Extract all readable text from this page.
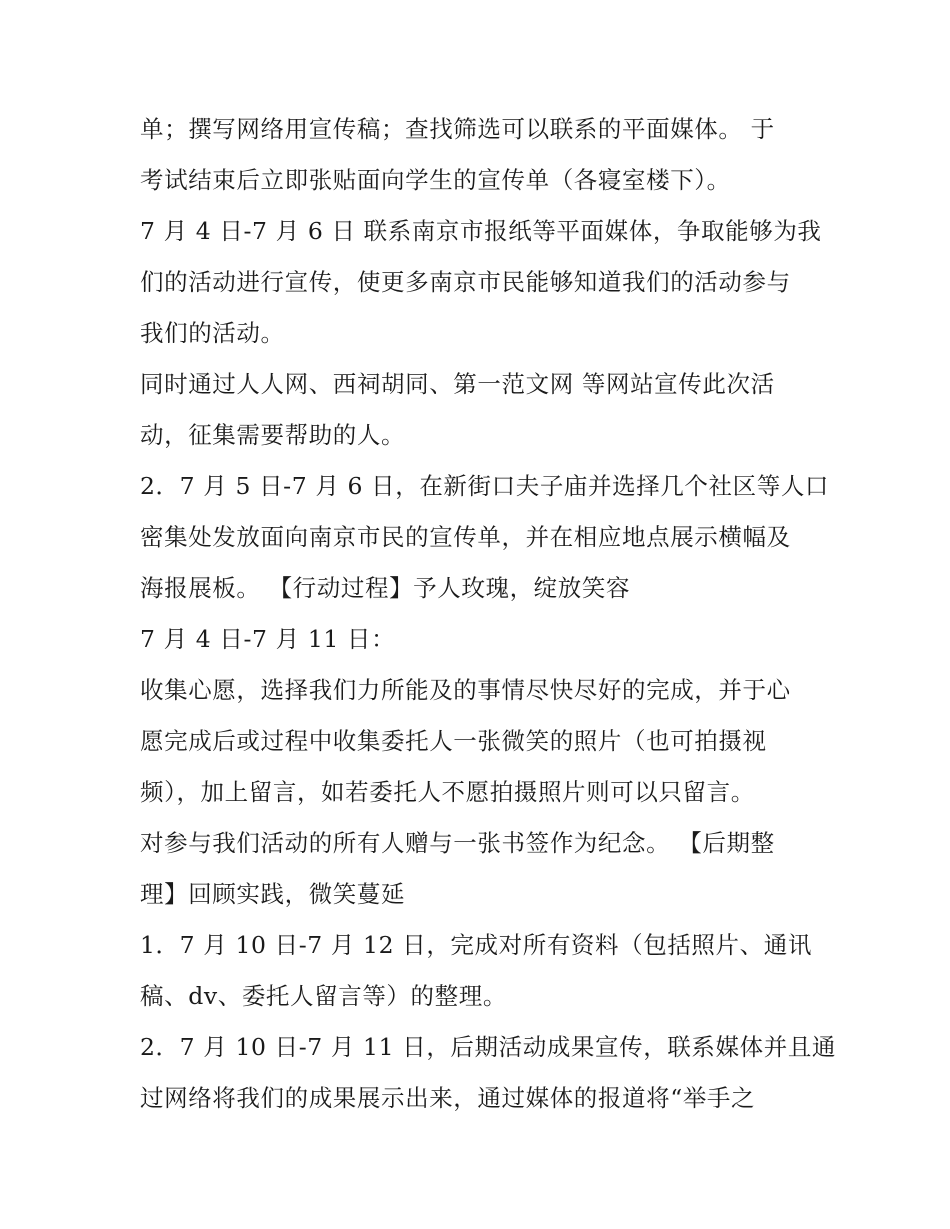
单；撰写网络用宣传稿；查找筛选可以联系的平面媒体。 于
考试结束后立即张贴面向学生的宣传单（各寝室楼下）。
7 月 4 日-7 月 6 日 联系南京市报纸等平面媒体，争取能够为我
们的活动进行宣传，使更多南京市民能够知道我们的活动参与
我们的活动。
同时通过人人网、西祠胡同、第一范文网 等网站宣传此次活
动，征集需要帮助的人。
2．7 月 5 日-7 月 6 日，在新街口夫子庙并选择几个社区等人口
密集处发放面向南京市民的宣传单，并在相应地点展示横幅及
海报展板。 【行动过程】予人玫瑰，绽放笑容
7 月 4 日-7 月 11 日：
收集心愿，选择我们力所能及的事情尽快尽好的完成，并于心
愿完成后或过程中收集委托人一张微笑的照片（也可拍摄视
频），加上留言，如若委托人不愿拍摄照片则可以只留言。
对参与我们活动的所有人赠与一张书签作为纪念。 【后期整
理】回顾实践，微笑蔓延
1．7 月 10 日-7 月 12 日，完成对所有资料（包括照片、通讯
稿、dv、委托人留言等）的整理。
2．7 月 10 日-7 月 11 日，后期活动成果宣传，联系媒体并且通
过网络将我们的成果展示出来，通过媒体的报道将“举手之
